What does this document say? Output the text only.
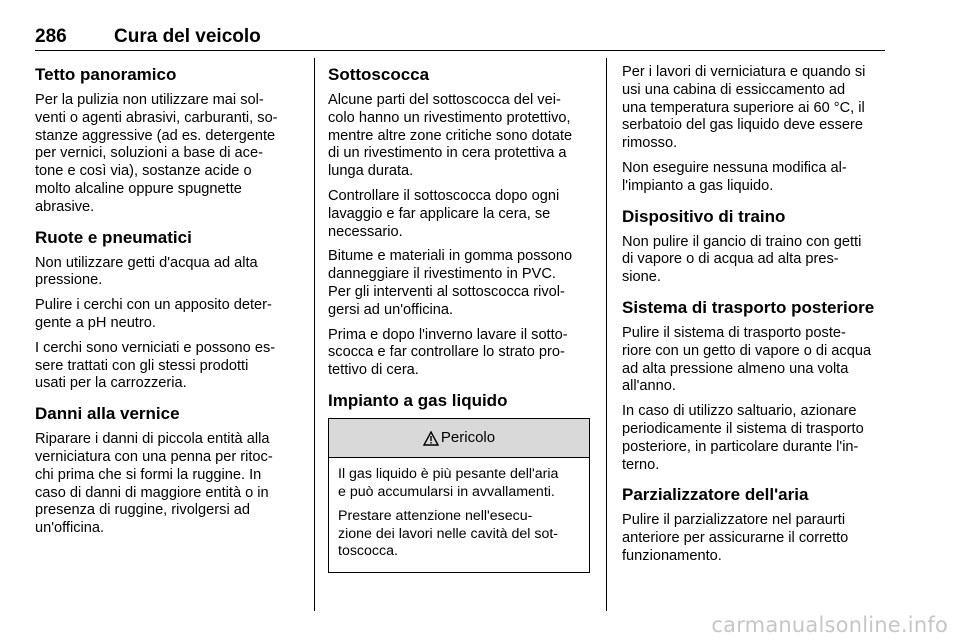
286 Cura del veicolo
Tetto panoramico

Per la pulizia non utilizzare mai sol-
venti o agenti abrasivi, carburanti, so-
stanze aggressive (ad es. detergente
per vernici, soluzioni a base di ace-
tone e così via), sostanze acide o
molto alcaline oppure spugnette
abrasive.

Ruote e pneumatici

Non utilizzare getti d'acqua ad alta
pressione.

Pulire i cerchi con un apposito deter-
gente a pH neutro.

I cerchi sono verniciati e possono es-
sere trattati con gli stessi prodotti
usati per la carrozzeria.

Danni alla vernice

Riparare i danni di piccola entità alla
verniciatura con una penna per ritoc-
chi prima che si formi la ruggine. In
caso di danni di maggiore entità o in
presenza di ruggine, rivolgersi ad
un'officina.

Sottoscocca

Alcune parti del sottoscocca del vei-
colo hanno un rivestimento protettivo,
mentre altre zone critiche sono dotate
di un rivestimento in cera protettiva a
lunga durata.

Controllare il sottoscocca dopo ogni
lavaggio e far applicare la cera, se
necessario.

Bitume e materiali in gomma possono
danneggiare il rivestimento in PVC.
Per gli interventi al sottoscocca rivol-
gersi ad un'officina.

Prima e dopo l'inverno lavare il sotto-
scocca e far controllare lo strato pro-
tettivo di cera.

Impianto a gas liquido
Pericolo

Il gas liquido è più pesante dell'aria
e può accumularsi in avvallamenti.

Prestare attenzione nell'esecu-
zione dei lavori nelle cavità del sot-
toscocca.

Per i lavori di verniciatura e quando si
usi una cabina di essiccamento ad
una temperatura superiore ai 60 °C, il
serbatoio del gas liquido deve essere
rimosso.

Non eseguire nessuna modifica al-
l'impianto a gas liquido.

Dispositivo di traino

Non pulire il gancio di traino con getti
di vapore o di acqua ad alta pres-
sione.

Sistema di trasporto posteriore

Pulire il sistema di trasporto poste-
riore con un getto di vapore o di acqua
ad alta pressione almeno una volta
all'anno.

In caso di utilizzo saltuario, azionare
periodicamente il sistema di trasporto
posteriore, in particolare durante l'in-
terno.

Parzializzatore dell'aria

Pulire il parzializzatore nel paraurti
anteriore per assicurarne il corretto
funzionamento.

carmanualsonline.info
